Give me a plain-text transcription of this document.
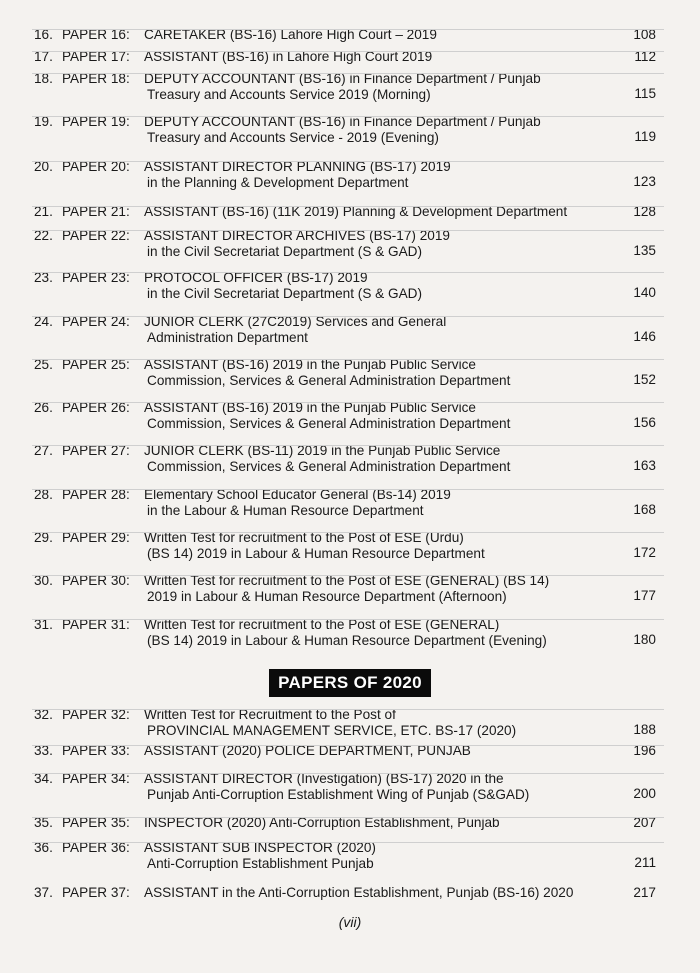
16. PAPER 16: CARETAKER (BS-16) Lahore High Court – 2019	108
17. PAPER 17: ASSISTANT (BS-16) in Lahore High Court 2019	112
18. PAPER 18: DEPUTY ACCOUNTANT (BS-16) in Finance Department / Punjab
Treasury and Accounts Service 2019 (Morning)	115
19. PAPER 19: DEPUTY ACCOUNTANT (BS-16) in Finance Department / Punjab
Treasury and Accounts Service - 2019 (Evening)	119
20. PAPER 20: ASSISTANT DIRECTOR PLANNING (BS-17) 2019
in the Planning & Development Department	123
21. PAPER 21: ASSISTANT (BS-16) (11K 2019) Planning & Development Department	128
22. PAPER 22: ASSISTANT DIRECTOR ARCHIVES (BS-17) 2019
in the Civil Secretariat Department (S & GAD)	135
23. PAPER 23: PROTOCOL OFFICER (BS-17) 2019
in the Civil Secretariat Department (S & GAD)	140
24. PAPER 24: JUNIOR CLERK (27C2019) Services and General
Administration Department	146
25. PAPER 25: ASSISTANT (BS-16) 2019 in the Punjab Public Service
Commission, Services & General Administration Department	152
26. PAPER 26: ASSISTANT (BS-16) 2019 in the Punjab Public Service
Commission, Services & General Administration Department	156
27. PAPER 27: JUNIOR CLERK (BS-11) 2019 in the Punjab Public Service
Commission, Services & General Administration Department	163
28. PAPER 28: Elementary School Educator General (Bs-14) 2019
in the Labour & Human Resource Department	168
29. PAPER 29: Written Test for recruitment to the Post of ESE (Urdu)
(BS 14) 2019 in Labour & Human Resource Department	172
30. PAPER 30: Written Test for recruitment to the Post of ESE (GENERAL) (BS 14)
2019 in Labour & Human Resource Department (Afternoon)	177
31. PAPER 31: Written Test for recruitment to the Post of ESE (GENERAL)
(BS 14) 2019 in Labour & Human Resource Department (Evening)	180
32. PAPER 32: Written Test for Recruitment to the Post of
PROVINCIAL MANAGEMENT SERVICE, ETC. BS-17 (2020)	188
33. PAPER 33: ASSISTANT (2020) POLICE DEPARTMENT, PUNJAB	196
34. PAPER 34: ASSISTANT DIRECTOR (Investigation) (BS-17) 2020 in the
Punjab Anti-Corruption Establishment Wing of Punjab (S&GAD)	200
35. PAPER 35: INSPECTOR (2020) Anti-Corruption Establishment, Punjab	207
36. PAPER 36: ASSISTANT SUB INSPECTOR (2020)
Anti-Corruption Establishment Punjab	211
37. PAPER 37: ASSISTANT in the Anti-Corruption Establishment, Punjab (BS-16) 2020	217
PAPERS OF 2020
(vii)
